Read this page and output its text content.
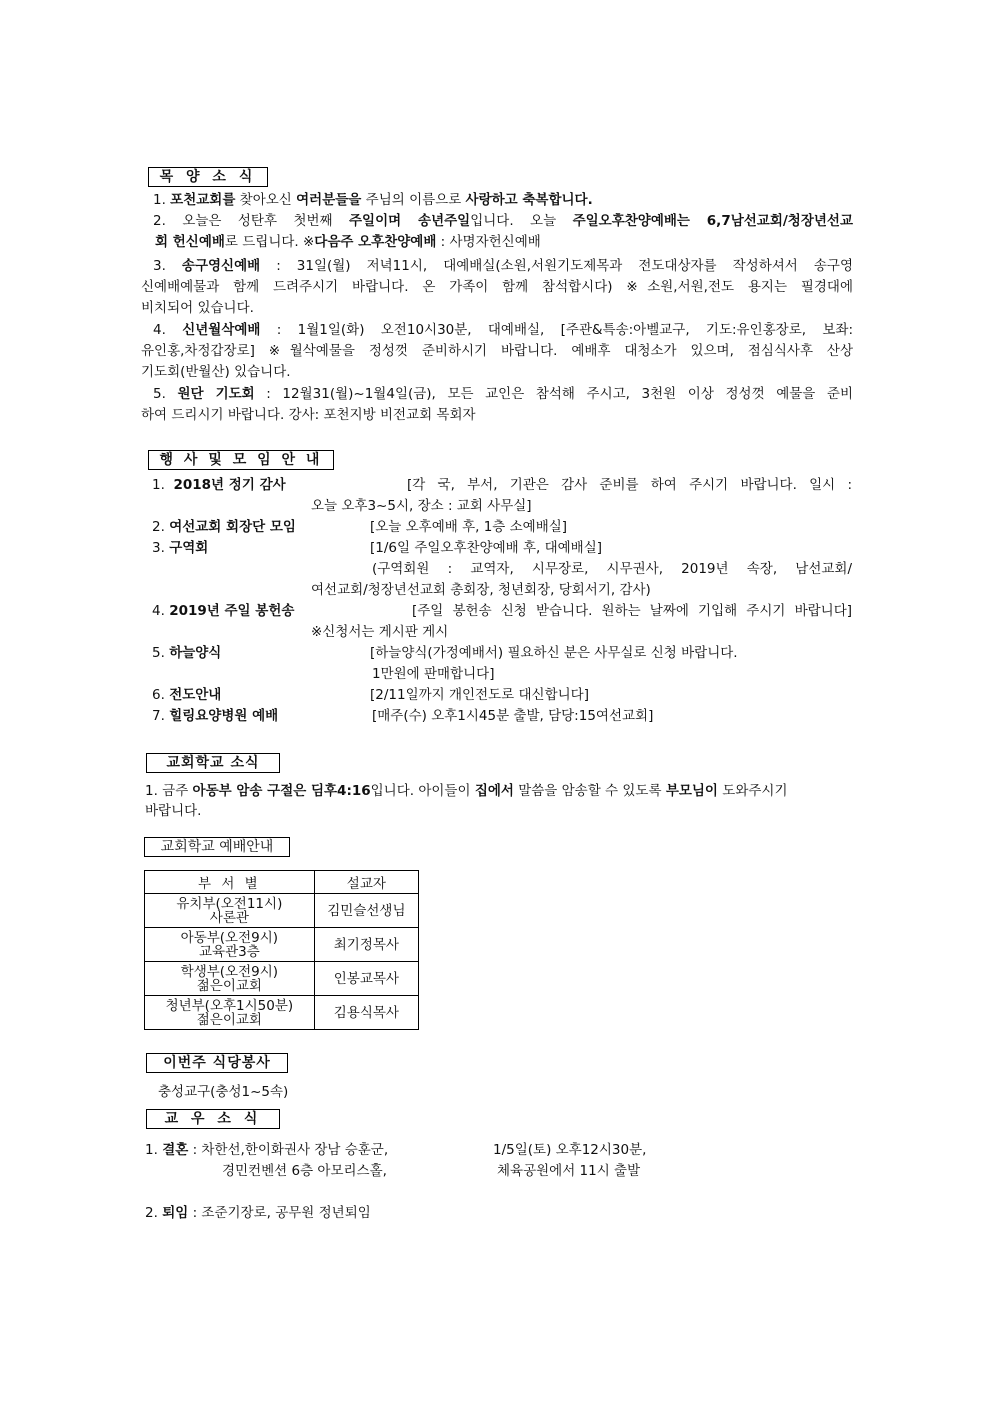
목 양 소 식
1. 포천교회를 찾아오신 여러분들을 주님의 이름으로 사랑하고 축복합니다.
2. 오늘은 성탄후 첫번째 주일이며 송년주일입니다. 오늘 주일오후찬양예배는 6,7남선교회/청장년선교
회 헌신예배로 드립니다. ※다음주 오후찬양예배 : 사명자헌신예배
3. 송구영신예배 : 31일(월) 저녁11시, 대예배실(소원,서원기도제목과 전도대상자를 작성하셔서 송구영
신예배예물과 함께 드려주시기 바랍니다. 온 가족이 함께 참석합시다) ※소원,서원,전도 용지는 필경대에
비치되어 있습니다.
4. 신년월삭예배 : 1월1일(화) 오전10시30분, 대예배실, [주관&특송:아벨교구, 기도:유인홍장로, 보좌:
유인홍,차정갑장로] ※월삭예물을 정성껏 준비하시기 바랍니다. 예배후 대청소가 있으며, 점심식사후 산상
기도회(반월산) 있습니다.
5. 원단 기도회 : 12월31(월)~1월4일(금), 모든 교인은 참석해 주시고, 3천원 이상 정성껏 예물을 준비
하여 드리시기 바랍니다. 강사: 포천지방 비전교회 목회자
행 사 및 모 임 안 내
1. 2018년 정기 감사	[각 국, 부서, 기관은 감사 준비를 하여 주시기 바랍니다. 일시 :
오늘 오후3~5시, 장소 : 교회 사무실]
2. 여선교회 회장단 모임	[오늘 오후예배 후, 1층 소예배실]
3. 구역회	[1/6일 주일오후찬양예배 후, 대예배실]
(구역회원 : 교역자, 시무장로, 시무권사, 2019년 속장, 남선교회/
여선교회/청장년선교회 총회장, 청년회장, 당회서기, 감사)
4. 2019년 주일 봉헌송	[주일 봉헌송 신청 받습니다. 원하는 날짜에 기입해 주시기 바랍니다]
※신청서는 게시판 게시
5. 하늘양식	[하늘양식(가정예배서) 필요하신 분은 사무실로 신청 바랍니다.
1만원에 판매합니다]
6. 전도안내	[2/11일까지 개인전도로 대신합니다]
7. 힐링요양병원 예배	[매주(수) 오후1시45분 출발, 담당:15여선교회]
교회학교 소식
1. 금주 아동부 암송 구절은 딤후4:16입니다. 아이들이 집에서 말씀을 암송할 수 있도록 부모님이 도와주시기
바랍니다.
교회학교 예배안내
부 서 별	설교자

유치부(오전11시)
사론관	김민슬선생님

아동부(오전9시)
교육관3층	최기정목사

학생부(오전9시)
젊은이교회	인봉교목사

청년부(오후1시50분)
젊은이교회	김용식목사
이번주 식당봉사
충성교구(충성1~5속)
교 우 소 식
1. 결혼 : 차한선,한이화권사 장남 승훈군,	1/5일(토) 오후12시30분,
경민컨벤션 6층 아모리스홀,	체육공원에서 11시 출발
2. 퇴임 : 조준기장로, 공무원 정년퇴임
